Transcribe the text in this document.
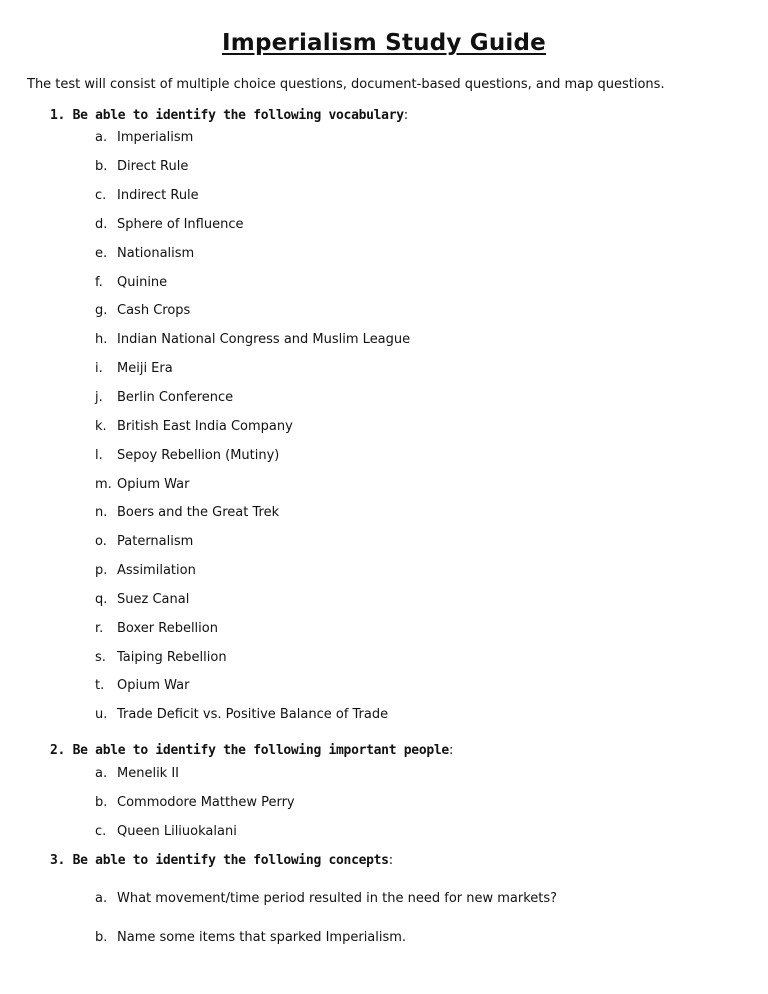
Imperialism Study Guide
The test will consist of multiple choice questions, document-based questions, and map questions.
1. Be able to identify the following vocabulary:
a. Imperialism
b. Direct Rule
c. Indirect Rule
d. Sphere of Influence
e. Nationalism
f. Quinine
g. Cash Crops
h. Indian National Congress and Muslim League
i. Meiji Era
j. Berlin Conference
k. British East India Company
l. Sepoy Rebellion (Mutiny)
m. Opium War
n. Boers and the Great Trek
o. Paternalism
p. Assimilation
q. Suez Canal
r. Boxer Rebellion
s. Taiping Rebellion
t. Opium War
u. Trade Deficit vs. Positive Balance of Trade
2. Be able to identify the following important people:
a. Menelik II
b. Commodore Matthew Perry
c. Queen Liliuokalani
3. Be able to identify the following concepts:
a. What movement/time period resulted in the need for new markets?
b. Name some items that sparked Imperialism.
